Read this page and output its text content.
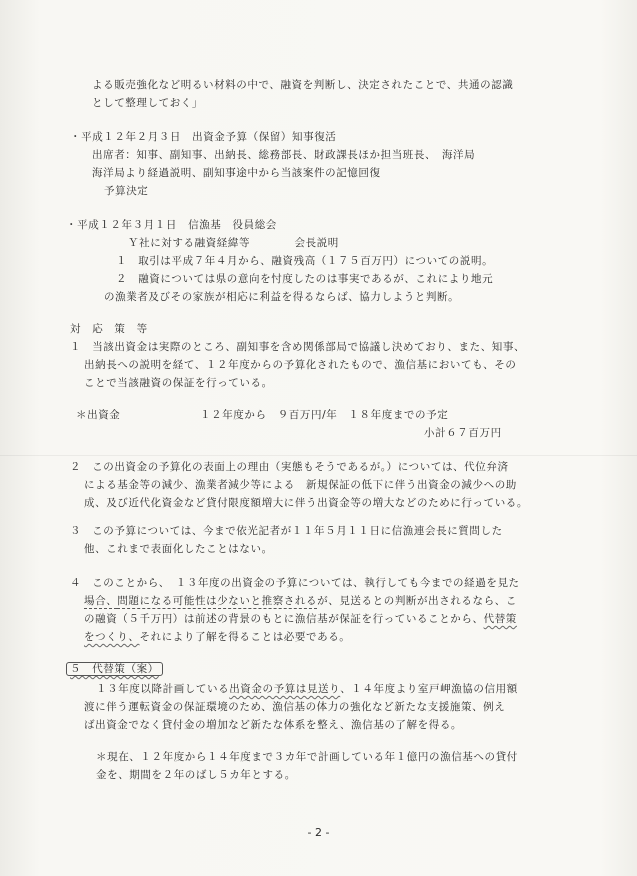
よる販売強化など明るい材料の中で、融資を判断し、決定されたことで、共通の認識
として整理しておく」
・平成１２年２月３日　出資金予算（保留）知事復活
出席者：知事、副知事、出納長、総務部長、財政課長ほか担当班長、　海洋局
海洋局より経過説明、副知事途中から当該案件の記憶回復
予算決定
・平成１２年３月１日　信漁基　役員総会
Ｙ社に対する融資経緯等　　　　会長説明
１　取引は平成７年４月から、融資残高（１７５百万円）についての説明。
２　融資については県の意向を忖度したのは事実であるが、これにより地元
の漁業者及びその家族が相応に利益を得るならば、協力しようと判断。
対　応　策　等
１　当該出資金は実際のところ、副知事を含め関係部局で協議し決めており、また、知事、
出納長への説明を経て、１２年度からの予算化されたもので、漁信基においても、その
ことで当該融資の保証を行っている。
＊出資金	１２年度から　９百万円/年　１８年度までの予定
小計６７百万円
２　この出資金の予算化の表面上の理由（実態もそうであるが。）については、代位弁済
による基金等の減少、漁業者減少等による　新規保証の低下に伴う出資金の減少への助
成、及び近代化資金など貸付限度額増大に伴う出資金等の増大などのために行っている。
３　この予算については、今まで依光記者が１１年５月１１日に信漁連会長に質問した
他、これまで表面化したことはない。
４　このことから、　１３年度の出資金の予算については、執行しても今までの経過を見た
場合、問題になる可能性は少ないと推察されるが、見送るとの判断が出されるなら、こ
の融資（５千万円）は前述の背景のもとに漁信基が保証を行っていることから、代替策
をつくり、それにより了解を得ることは必要である。
５　代替策（案）
１３年度以降計画している出資金の予算は見送り、１４年度より室戸岬漁協の信用額
渡に伴う運転資金の保証環境のため、漁信基の体力の強化など新たな支援施策、例え
ば出資金でなく貸付金の増加など新たな体系を整え、漁信基の了解を得る。
＊現在、１２年度から１４年度まで３カ年で計画している年１億円の漁信基への貸付
金を、期間を２年のばし５カ年とする。
- 2 -
